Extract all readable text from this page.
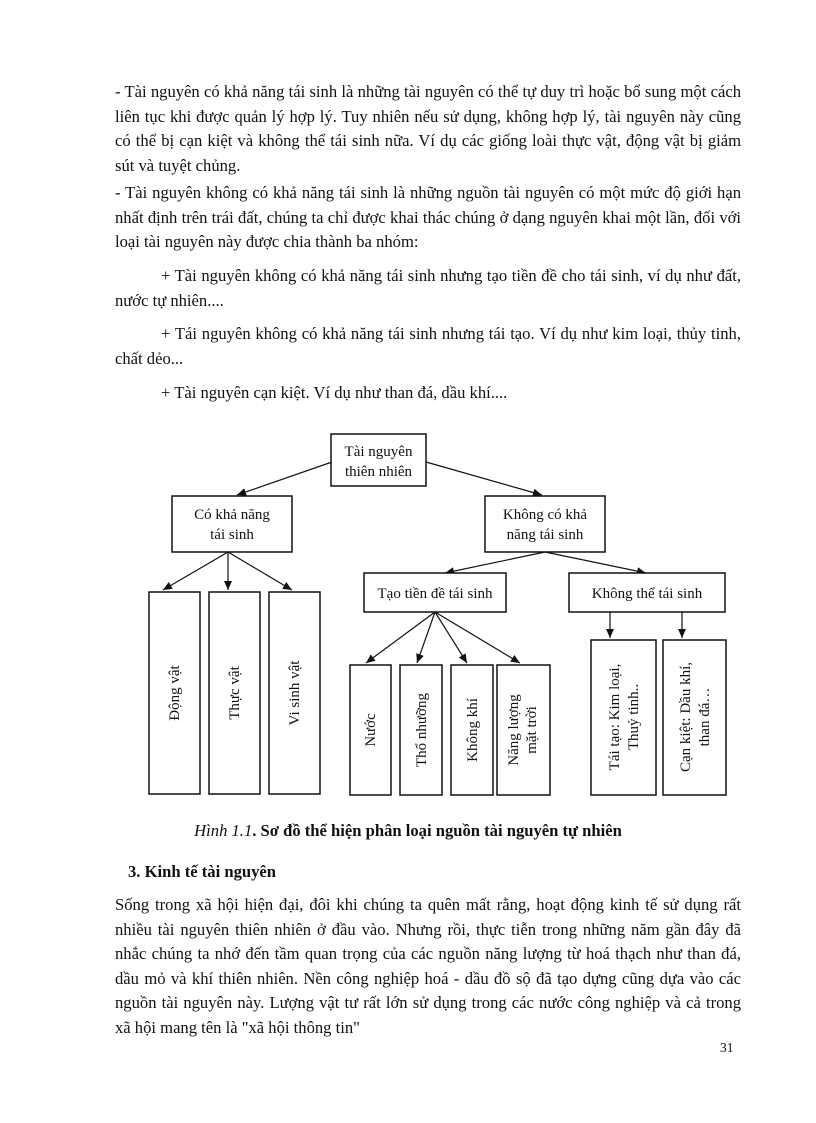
- Tài nguyên có khả năng tái sinh là những tài nguyên có thể tự duy trì hoặc bổ sung một cách liên tục khi được quản lý hợp lý. Tuy nhiên nếu sử dụng, không hợp lý, tài nguyên này cũng có thể bị cạn kiệt và không thể tái sinh nữa. Ví dụ các giống loài thực vật, động vật bị giảm sút và tuyệt chủng.

- Tài nguyên không có khả năng tái sinh là những nguồn tài nguyên có một mức độ giới hạn nhất định trên trái đất, chúng ta chỉ được khai thác chúng ở dạng nguyên khai một lần, đối với loại tài nguyên này được chia thành ba nhóm:

+ Tài nguyên không có khả năng tái sinh nhưng tạo tiền đề cho tái sinh, ví dụ như đất, nước tự nhiên....

+ Tái nguyên không có khả năng tái sinh nhưng tái tạo. Ví dụ như kim loại, thủy tinh, chất dẻo...

+ Tài nguyên cạn kiệt. Ví dụ như than đá, dầu khí....

Tài nguyên
thiên nhiên
Có khả năng
tái sinh
Không có khả
năng tái sinh
Tạo tiền đề tái sinh	Không thể tái sinh
Động vật	Thực vật	Vi sinh vật
Nước Thổ nhưỡng Không khí Năng lượng mặt trời	Tái tạo: Kim loại, Thuỷ tinh.. Cạn kiệt: Dầu khí, than đá…
Hình 1.1. Sơ đồ thể hiện phân loại nguồn tài nguyên tự nhiên
3. Kinh tế tài nguyên

Sống trong xã hội hiện đại, đôi khi chúng ta quên mất rằng, hoạt động kinh tế sử dụng rất nhiều tài nguyên thiên nhiên ở đầu vào. Nhưng rồi, thực tiễn trong những năm gần đây đã nhắc chúng ta nhớ đến tầm quan trọng của các nguồn năng lượng từ hoá thạch như than đá, dầu mỏ và khí thiên nhiên. Nền công nghiệp hoá - dầu đồ sộ đã tạo dựng cũng dựa vào các nguồn tài nguyên này. Lượng vật tư rất lớn sử dụng trong các nước công nghiệp và cả trong xã hội mang tên là "xã hội thông tin"

31
